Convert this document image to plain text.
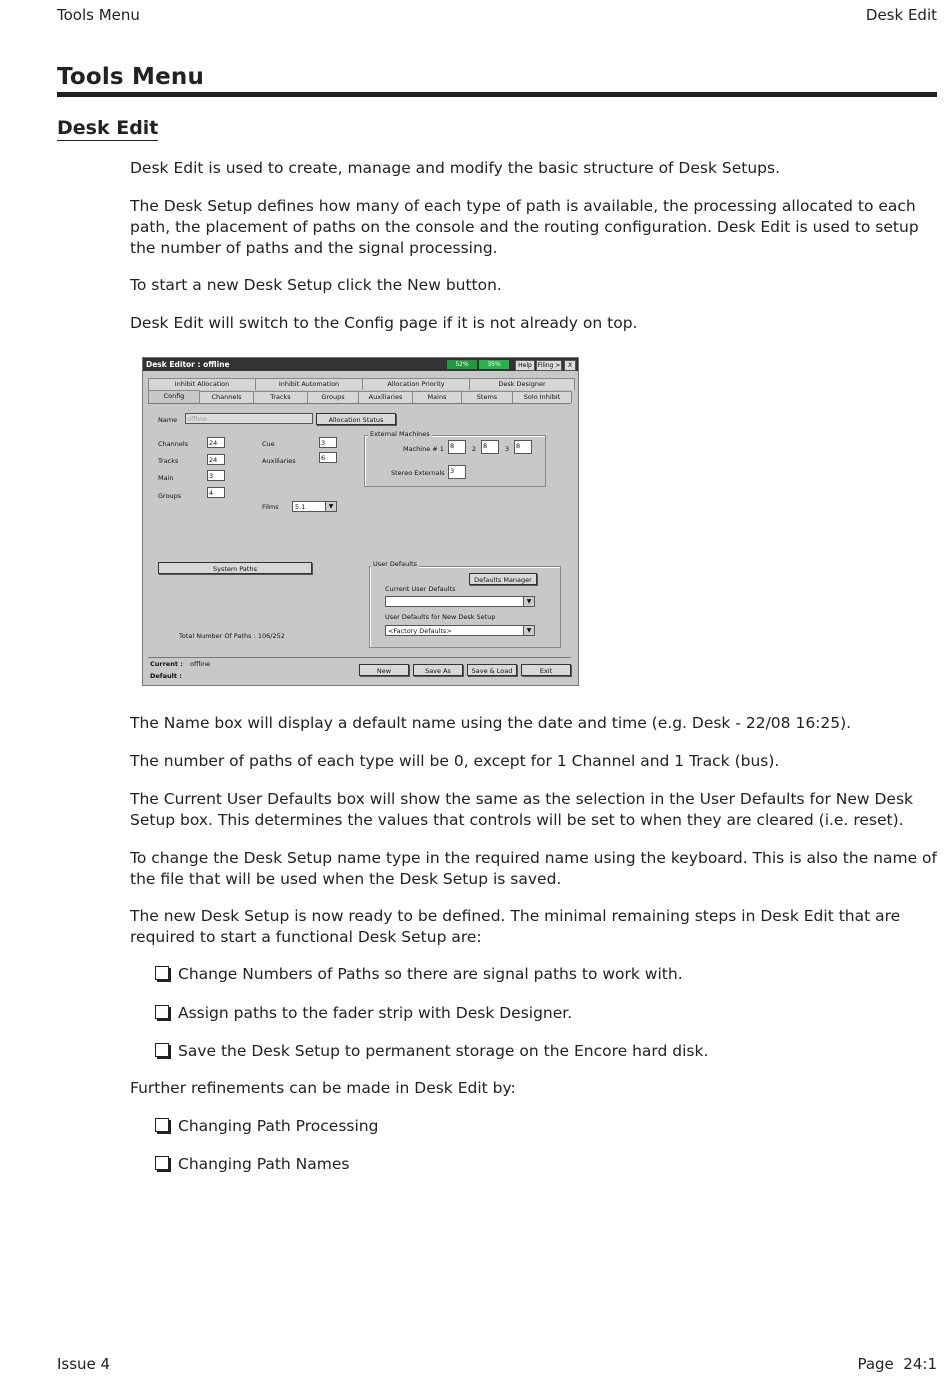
Tools Menu	Desk Edit
Tools Menu
Desk Edit
Desk Edit is used to create, manage and modify the basic structure of Desk Setups.
The Desk Setup defines how many of each type of path is available, the processing allocated to each path, the placement of paths on the console and the routing configuration. Desk Edit is used to setup the number of paths and the signal processing.
To start a new Desk Setup click the New button.
Desk Edit will switch to the Config page if it is not already on top.
Desk Editor : offline	52%	35%	Help Filing >	X
Inhibit Allocation	Inhibit Automation	Allocation Priority	Desk Designer
Config	Channels	Tracks	Groups	Auxiliaries	Mains	Stems	Solo Inhibit
Name	offline	Allocation Status
Channels	24
Tracks	24
Main	3
Groups	4
Cue	3
Auxiliaries	6
Films	5.1	▼
External Machines
Machine # 1 8	2	8	3	8
Stereo Externals 3
System Paths
User Defaults
Defaults Manager
Current User Defaults
▼
User Defaults for New Desk Setup
<Factory Defaults>	▼
Total Number Of Paths : 106/252
Current : offline
Default :
New	Save As	Save & Load	Exit
The Name box will display a default name using the date and time (e.g. Desk - 22/08 16:25).
The number of paths of each type will be 0, except for 1 Channel and 1 Track (bus).
The Current User Defaults box will show the same as the selection in the User Defaults for New Desk Setup box. This determines the values that controls will be set to when they are cleared (i.e. reset).
To change the Desk Setup name type in the required name using the keyboard. This is also the name of the file that will be used when the Desk Setup is saved.
The new Desk Setup is now ready to be defined. The minimal remaining steps in Desk Edit that are required to start a functional Desk Setup are:
Change Numbers of Paths so there are signal paths to work with.
Assign paths to the fader strip with Desk Designer.
Save the Desk Setup to permanent storage on the Encore hard disk.
Further refinements can be made in Desk Edit by:
Changing Path Processing
Changing Path Names
Issue 4	Page  24:1
